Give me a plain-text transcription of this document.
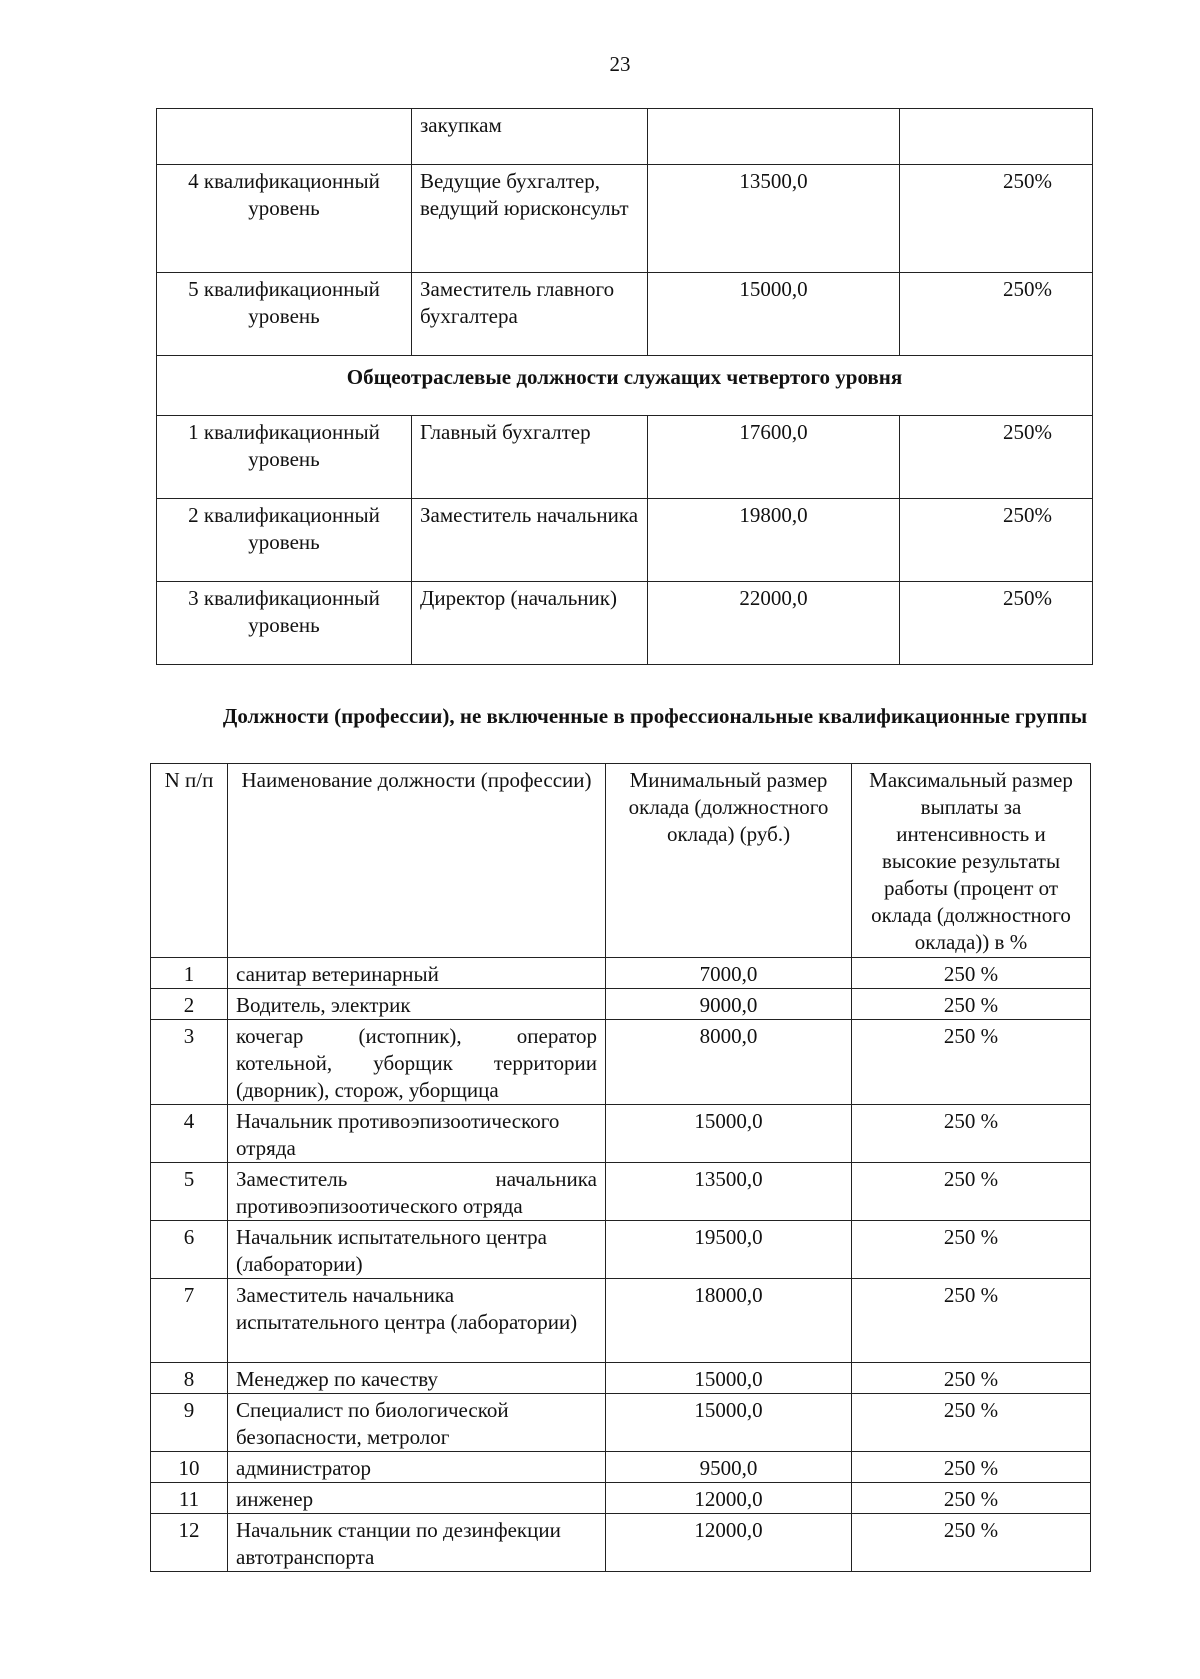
23
	закупкам		
4 квалификационный уровень	Ведущие бухгалтер, ведущий юрисконсульт	13500,0	250%
5 квалификационный уровень	Заместитель главного бухгалтера	15000,0	250%
Общеотраслевые должности служащих четвертого уровня			
1 квалификационный уровень	Главный бухгалтер	17600,0	250%
2 квалификационный уровень	Заместитель начальника	19800,0	250%
3 квалификационный уровень	Директор (начальник)	22000,0	250%
Должности (профессии), не включенные в профессиональные квалификационные группы
N п/п	Наименование должности (профессии)	Минимальный размер оклада (должностного оклада) (руб.)	Максимальный размер выплаты за интенсивность и высокие результаты работы (процент от оклада (должностного оклада)) в %
1	санитар ветеринарный	7000,0	250 %
2	Водитель, электрик	9000,0	250 %
3	кочегар (истопник), оператор котельной, уборщик территории (дворник), сторож, уборщица	8000,0	250 %
4	Начальник противоэпизоотического отряда	15000,0	250 %
5	Заместитель начальника противоэпизоотического отряда	13500,0	250 %
6	Начальник испытательного центра (лаборатории)	19500,0	250 %
7	Заместитель начальника испытательного центра (лаборатории)	18000,0	250 %
8	Менеджер по качеству	15000,0	250 %
9	Специалист по биологической безопасности, метролог	15000,0	250 %
10	администратор	9500,0	250 %
11	инженер	12000,0	250 %
12	Начальник станции по дезинфекции автотранспорта	12000,0	250 %
